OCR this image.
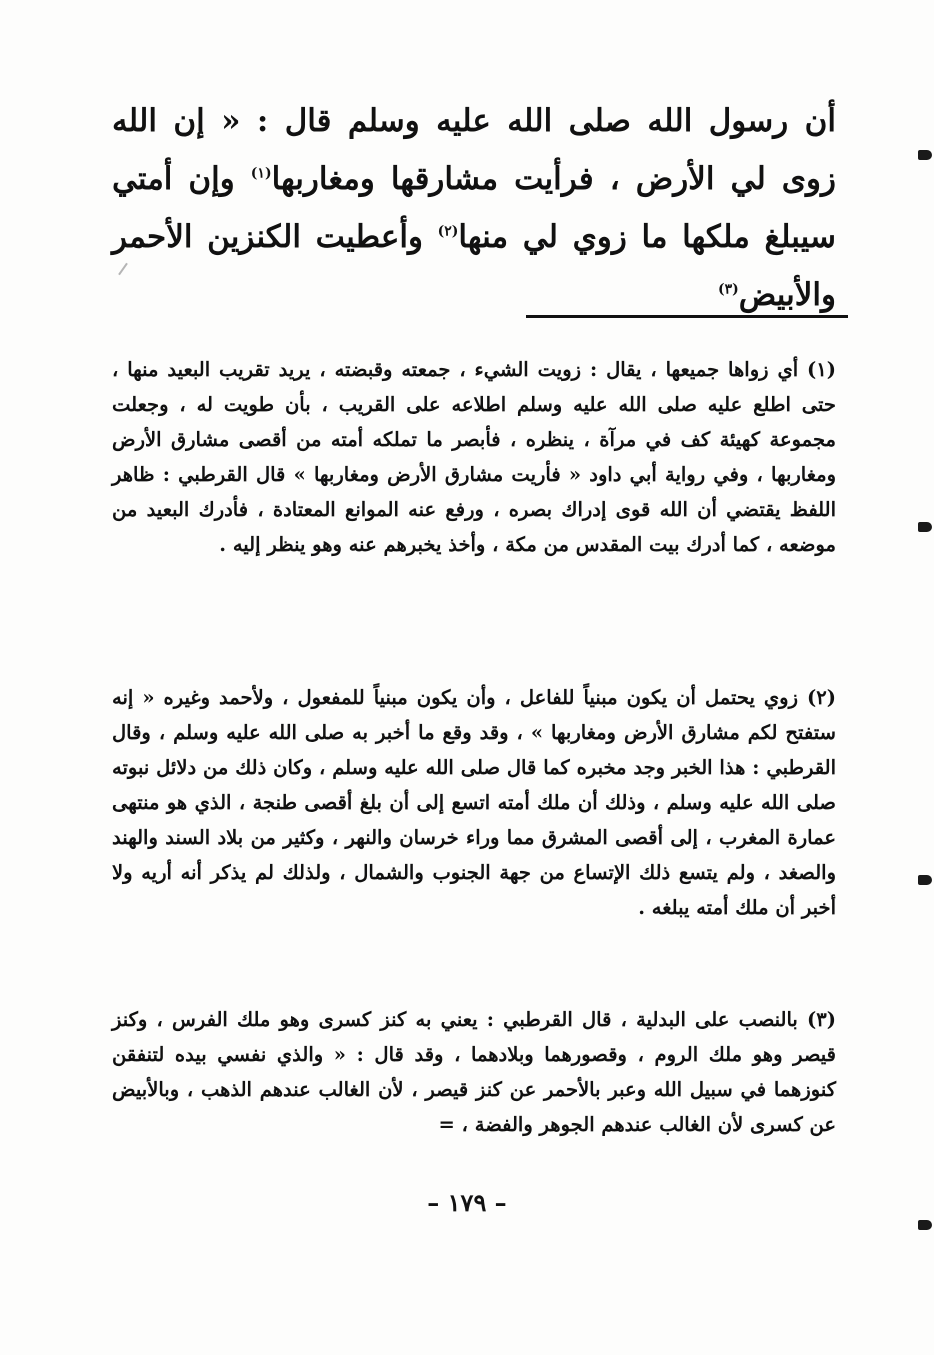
أن رسول الله صلى الله عليه وسلم قال : « إن الله زوى لي الأرض ، فرأيت مشارقها ومغاربها$^{(١)}$ وإن أمتي سيبلغ ملكها ما زوي لي منها$^{(٢)}$ وأعطيت الكنزين الأحمر والأبيض$^{(٣)}$
(١) أي زواها جميعها ، يقال : زويت الشيء ، جمعته وقبضته ، يريد تقريب البعيد منها ، حتى اطلع عليه صلى الله عليه وسلم اطلاعه على القريب ، بأن طويت له ، وجعلت مجموعة كهيئة كف في مرآة ، ينظره ، فأبصر ما تملكه أمته من أقصى مشارق الأرض ومغاربها ، وفي رواية أبي داود « فأريت مشارق الأرض ومغاربها » قال القرطبي : ظاهر اللفظ يقتضي أن الله قوى إدراك بصره ، ورفع عنه الموانع المعتادة ، فأدرك البعيد من موضعه ، كما أدرك بيت المقدس من مكة ، وأخذ يخبرهم عنه وهو ينظر إليه .
(٢) زوي يحتمل أن يكون مبنياً للفاعل ، وأن يكون مبنياً للمفعول ، ولأحمد وغيره « إنه ستفتح لكم مشارق الأرض ومغاربها » ، وقد وقع ما أخبر به صلى الله عليه وسلم ، وقال القرطبي : هذا الخبر وجد مخبره كما قال صلى الله عليه وسلم ، وكان ذلك من دلائل نبوته صلى الله عليه وسلم ، وذلك أن ملك أمته اتسع إلى أن بلغ أقصى طنجة ، الذي هو منتهى عمارة المغرب ، إلى أقصى المشرق مما وراء خرسان والنهر ، وكثير من بلاد السند والهند والصغد ، ولم يتسع ذلك الإتساع من جهة الجنوب والشمال ، ولذلك لم يذكر أنه أريه ولا أخبر أن ملك أمته يبلغه .
(٣) بالنصب على البدلية ، قال القرطبي : يعني به كنز كسرى وهو ملك الفرس ، وكنز قيصر وهو ملك الروم ، وقصورهما وبلادهما ، وقد قال : « والذي نفسي بيده لتنفقن كنوزهما في سبيل الله وعبر بالأحمر عن كنز قيصر ، لأن الغالب عندهم الذهب ، وبالأبيض عن كسرى لأن الغالب عندهم الجوهر والفضة ، =
– ١٧٩ –
